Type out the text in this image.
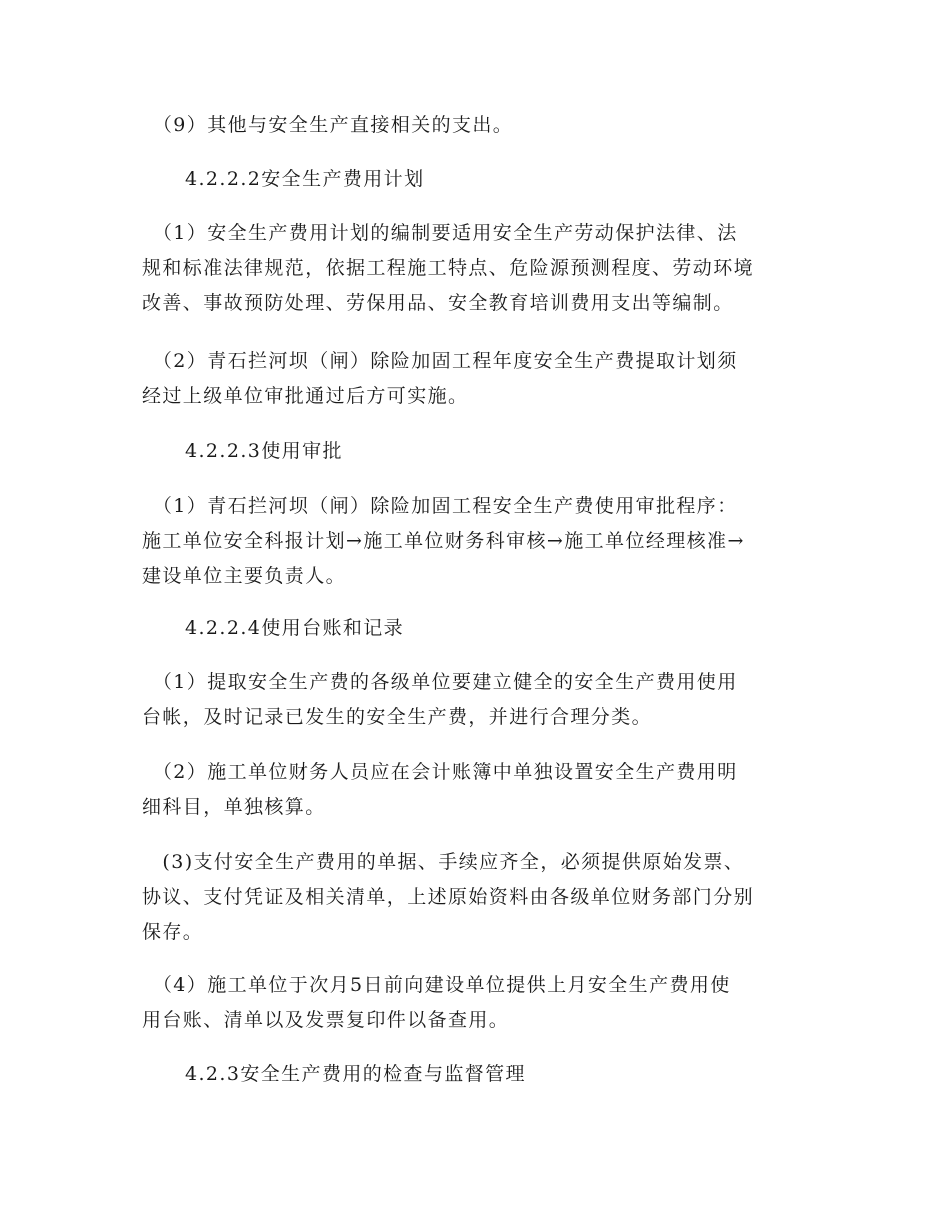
　（9）其他与安全生产直接相关的支出。

4.2.2.2安全生产费用计划

　（1）安全生产费用计划的编制要适用安全生产劳动保护法律、法
规和标准法律规范，依据工程施工特点、危险源预测程度、劳动环境
改善、事故预防处理、劳保用品、安全教育培训费用支出等编制。

　（2）青石拦河坝（闸）除险加固工程年度安全生产费提取计划须
经过上级单位审批通过后方可实施。

4.2.2.3使用审批

　（1）青石拦河坝（闸）除险加固工程安全生产费使用审批程序：
施工单位安全科报计划→施工单位财务科审核→施工单位经理核准→
建设单位主要负责人。

4.2.2.4使用台账和记录

　（1）提取安全生产费的各级单位要建立健全的安全生产费用使用
台帐，及时记录已发生的安全生产费，并进行合理分类。

　（2）施工单位财务人员应在会计账簿中单独设置安全生产费用明
细科目，单独核算。

　(3)支付安全生产费用的单据、手续应齐全，必须提供原始发票、
协议、支付凭证及相关清单，上述原始资料由各级单位财务部门分别
保存。

　（4）施工单位于次月5日前向建设单位提供上月安全生产费用使
用台账、清单以及发票复印件以备查用。

4.2.3安全生产费用的检查与监督管理
